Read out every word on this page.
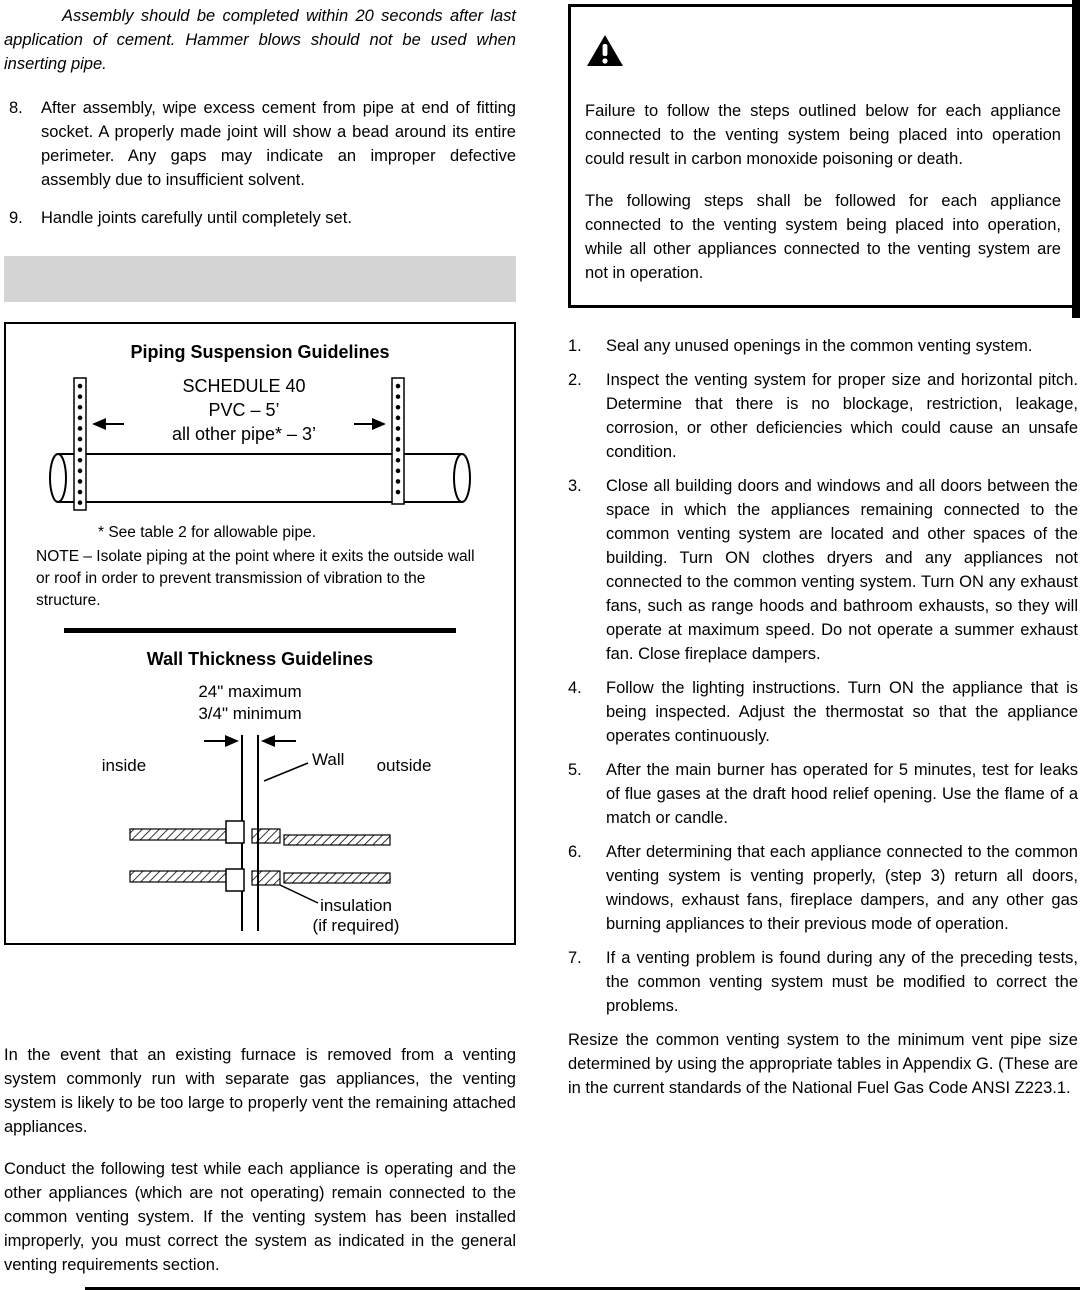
Assembly should be completed within 20 seconds after last application of cement. Hammer blows should not be used when inserting pipe.

8.	After assembly, wipe excess cement from pipe at end of fitting socket. A properly made joint will show a bead around its entire perimeter. Any gaps may indicate an improper defective assembly due to insufficient solvent.
9.	Handle joints carefully until completely set.
Piping Suspension Guidelines
SCHEDULE 40
PVC – 5’
all other pipe* – 3’
* See table 2 for allowable pipe.
NOTE – Isolate piping at the point where it exits the outside wall or roof in order to prevent transmission of vibration to the structure.
Wall Thickness Guidelines
24" maximum
3/4" minimum
inside	Wall outside
insulation
(if required)

In the event that an existing furnace is removed from a venting system commonly run with separate gas appliances, the venting system is likely to be too large to properly vent the remaining attached appliances.

Conduct the following test while each appliance is operating and the other appliances (which are not operating) remain connected to the common venting system. If the venting system has been installed improperly, you must correct the system as indicated in the general venting requirements section.

Failure to follow the steps outlined below for each appliance connected to the venting system being placed into operation could result in carbon monoxide poisoning or death.

The following steps shall be followed for each appliance connected to the venting system being placed into operation, while all other appliances connected to the venting system are not in operation.

1.	Seal any unused openings in the common venting system.
2.	Inspect the venting system for proper size and horizontal pitch. Determine that there is no blockage, restriction, leakage, corrosion, or other deficiencies which could cause an unsafe condition.
3.	Close all building doors and windows and all doors between the space in which the appliances remaining connected to the common venting system are located and other spaces of the building. Turn ON clothes dryers and any appliances not connected to the common venting system. Turn ON any exhaust fans, such as range hoods and bathroom exhausts, so they will operate at maximum speed. Do not operate a summer exhaust fan. Close fireplace dampers.
4.	Follow the lighting instructions. Turn ON the appliance that is being inspected. Adjust the thermostat so that the appliance operates continuously.
5.	After the main burner has operated for 5 minutes, test for leaks of flue gases at the draft hood relief opening. Use the flame of a match or candle.
6.	After determining that each appliance connected to the common venting system is venting properly, (step 3) return all doors, windows, exhaust fans, fireplace dampers, and any other gas burning appliances to their previous mode of operation.
7.	If a venting problem is found during any of the preceding tests, the common venting system must be modified to correct the problems.

Resize the common venting system to the minimum vent pipe size determined by using the appropriate tables in Appendix G. (These are in the current standards of the National Fuel Gas Code ANSI Z223.1.
